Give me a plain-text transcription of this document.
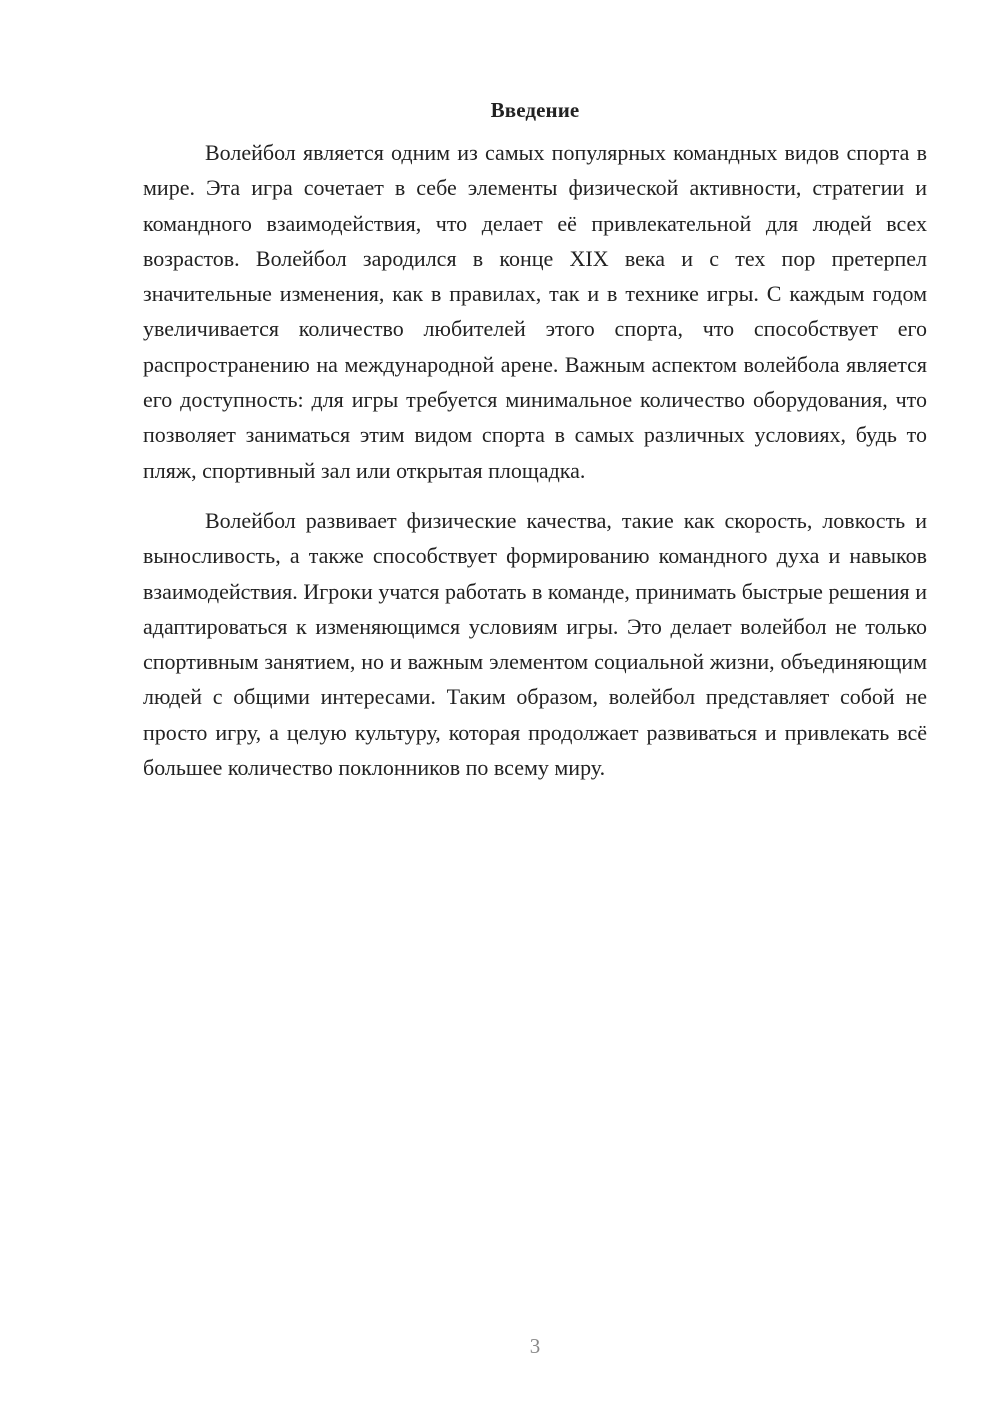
Введение

Волейбол является одним из самых популярных командных видов спорта в мире. Эта игра сочетает в себе элементы физической активности, стратегии и командного взаимодействия, что делает её привлекательной для людей всех возрастов. Волейбол зародился в конце XIX века и с тех пор претерпел значительные изменения, как в правилах, так и в технике игры. С каждым годом увеличивается количество любителей этого спорта, что способствует его распространению на международной арене. Важным аспектом волейбола является его доступность: для игры требуется минимальное количество оборудования, что позволяет заниматься этим видом спорта в самых различных условиях, будь то пляж, спортивный зал или открытая площадка.

Волейбол развивает физические качества, такие как скорость, ловкость и выносливость, а также способствует формированию командного духа и навыков взаимодействия. Игроки учатся работать в команде, принимать быстрые решения и адаптироваться к изменяющимся условиям игры. Это делает волейбол не только спортивным занятием, но и важным элементом социальной жизни, объединяющим людей с общими интересами. Таким образом, волейбол представляет собой не просто игру, а целую культуру, которая продолжает развиваться и привлекать всё большее количество поклонников по всему миру.

3
